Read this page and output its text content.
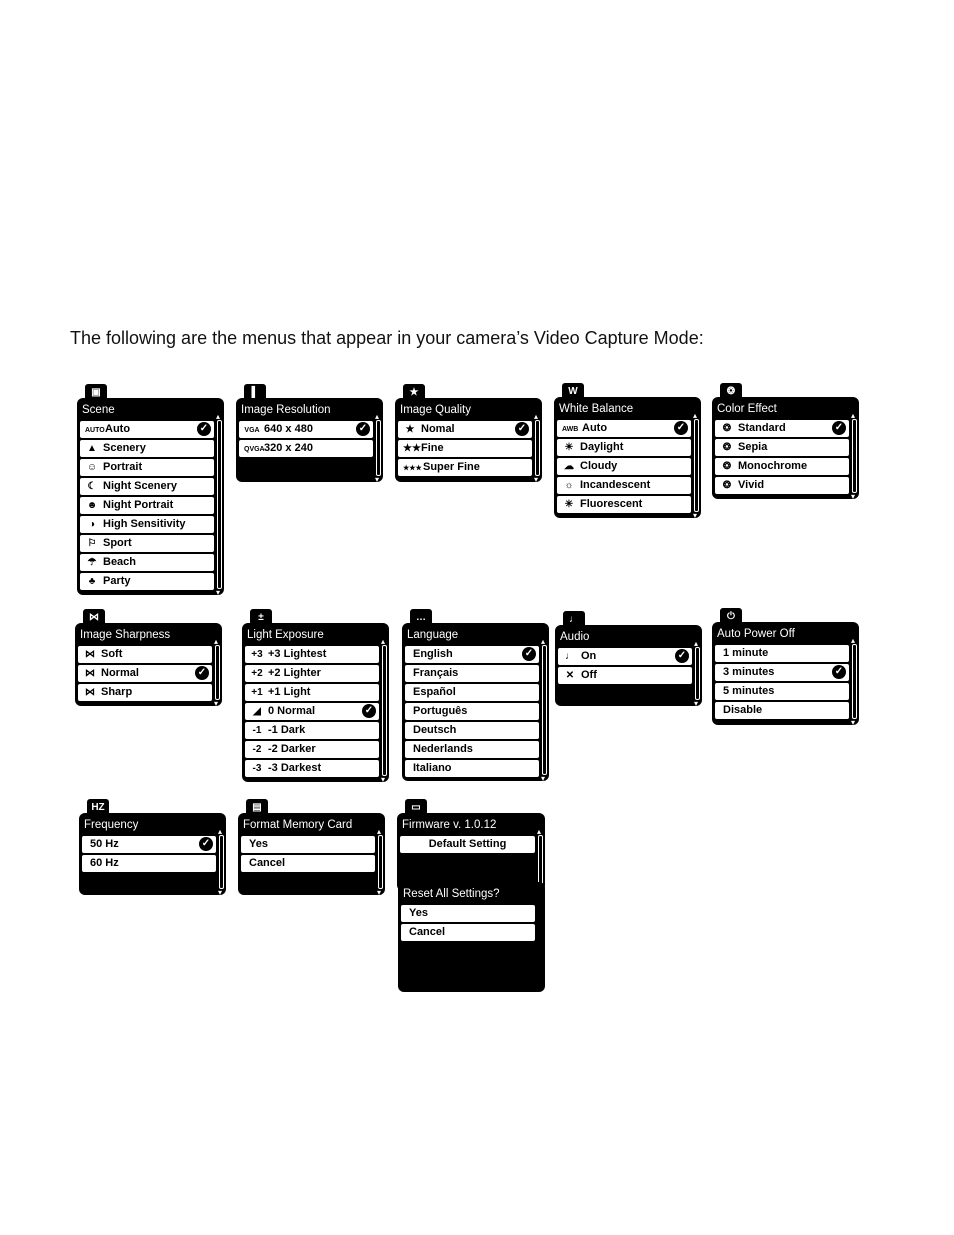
The following are the menus that appear in your camera’s Video Capture Mode:
▣
Scene
AUTOAuto	✓
▲ Scenery
☺ Portrait
☾ Night Scenery
☻ Night Portrait
◑ High Sensitivity
⚐ Sport
☂ Beach
♣ Party
▴ ▾
▌
Image Resolution
VGA 640 x 480	✓
QVGA320 x 240
▴ ▾
★
Image Quality
★ Nomal	✓
★★Fine
★★★Super Fine
▴ ▾
W
White Balance
AWB Auto	✓
☀ Daylight
☁ Cloudy
☼ Incandescent
✳ Fluorescent
▴ ▾
❂
Color Effect
❂ Standard	✓
❂ Sepia
❂ Monochrome
❂ Vivid
▴ ▾
⋈
Image Sharpness
⋈ Soft
⋈ Normal	✓
⋈ Sharp
▴ ▾
±
Light Exposure
+3 +3 Lightest
+2 +2 Lighter
+1 +1 Light
◢ 0 Normal	✓
-1 -1 Dark
-2 -2 Darker
-3 -3 Darkest
▴ ▾
…
Language
English	✓
Français
Español
Português
Deutsch
Nederlands
Italiano
▴ ▾
♩
Audio
♩ On	✓
✕ Off
▴ ▾
⏻
Auto Power Off
1 minute
3 minutes	✓
5 minutes
Disable
▴ ▾
HZ
Frequency
50 Hz	✓
60 Hz
▴ ▾
▤
Format Memory Card
Yes
Cancel
▴ ▾
▭
Firmware v. 1.0.12
Default Setting
▴ ▾
Reset All Settings?
Yes
Cancel
